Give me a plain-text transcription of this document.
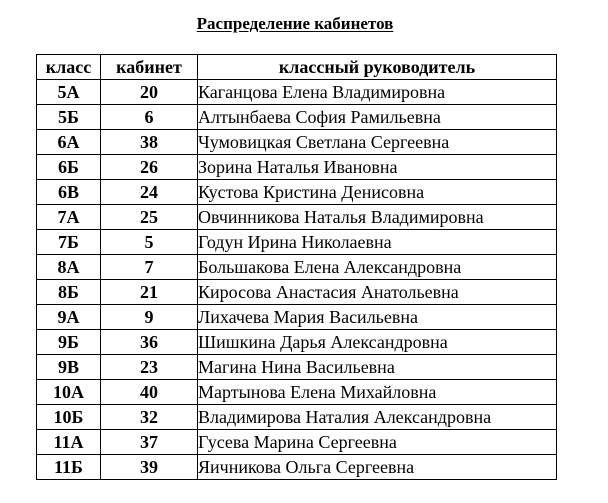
Распределение кабинетов
класс	кабинет	классный руководитель
5А	20	Каганцова Елена Владимировна
5Б	6	Алтынбаева София Рамильевна
6А	38	Чумовицкая Светлана Сергеевна
6Б	26	Зорина Наталья Ивановна
6В	24	Кустова Кристина Денисовна
7А	25	Овчинникова Наталья Владимировна
7Б	5	Годун Ирина Николаевна
8А	7	Большакова Елена Александровна
8Б	21	Киросова Анастасия Анатольевна
9А	9	Лихачева Мария Васильевна
9Б	36	Шишкина Дарья Александровна
9В	23	Магина Нина Васильевна
10А	40	Мартынова Елена Михайловна
10Б	32	Владимирова Наталия Александровна
11А	37	Гусева Марина Сергеевна
11Б	39	Яичникова Ольга Сергеевна
